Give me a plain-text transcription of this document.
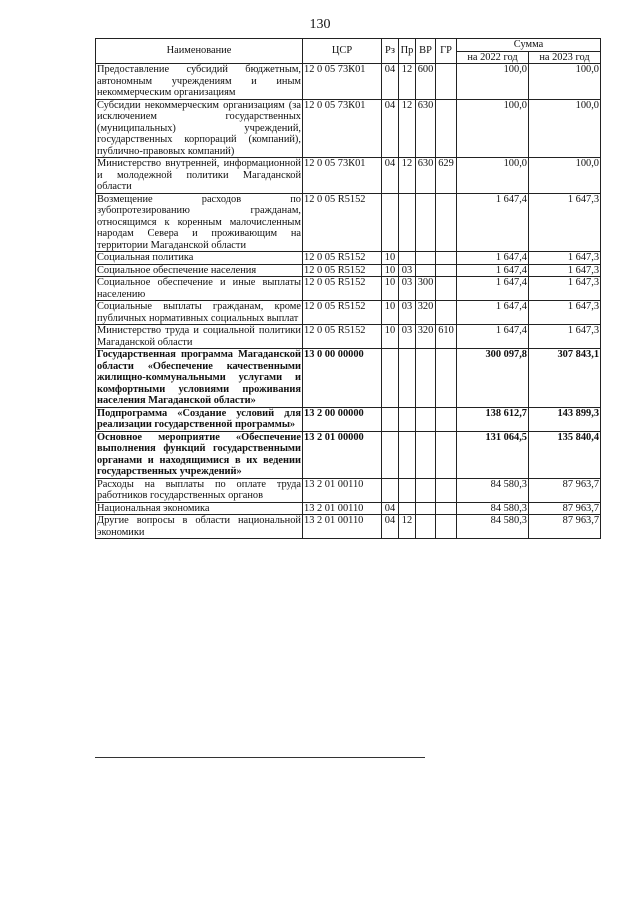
130
Наименование	ЦСР	Рз	Пр	ВР	ГР	Сумма	
						на 2022 год	на 2023 год
Предоставление субсидий бюджетным, автономным учреждениям и иным некоммерческим организациям	12 0 05 73К01	04	12	600		100,0	100,0
Субсидии некоммерческим организациям (за исключением государственных (муниципальных) учреждений, государственных корпораций (компаний), публично-правовых компаний)	12 0 05 73К01	04	12	630		100,0	100,0
Министерство внутренней, информационной и молодежной политики Магаданской области	12 0 05 73К01	04	12	630	629	100,0	100,0
Возмещение расходов по зубопротезированию гражданам, относящимся к коренным малочисленным народам Севера и проживающим на территории Магаданской области	12 0 05 R5152					1 647,4	1 647,3
Социальная политика	12 0 05 R5152	10				1 647,4	1 647,3
Социальное обеспечение населения	12 0 05 R5152	10	03			1 647,4	1 647,3
Социальное обеспечение и иные выплаты населению	12 0 05 R5152	10	03	300		1 647,4	1 647,3
Социальные выплаты гражданам, кроме публичных нормативных социальных выплат	12 0 05 R5152	10	03	320		1 647,4	1 647,3
Министерство труда и социальной политики Магаданской области	12 0 05 R5152	10	03	320	610	1 647,4	1 647,3
Государственная программа Магаданской области «Обеспечение качественными жилищно-коммунальными услугами и комфортными условиями проживания населения Магаданской области»	13 0 00 00000					300 097,8	307 843,1
Подпрограмма «Создание условий для реализации государственной программы»	13 2 00 00000					138 612,7	143 899,3
Основное мероприятие «Обеспечение выполнения функций государственными органами и находящимися в их ведении государственных учреждений»	13 2 01 00000					131 064,5	135 840,4
Расходы на выплаты по оплате труда работников государственных органов	13 2 01 00110					84 580,3	87 963,7
Национальная экономика	13 2 01 00110	04				84 580,3	87 963,7
Другие вопросы в области национальной экономики	13 2 01 00110	04	12			84 580,3	87 963,7
